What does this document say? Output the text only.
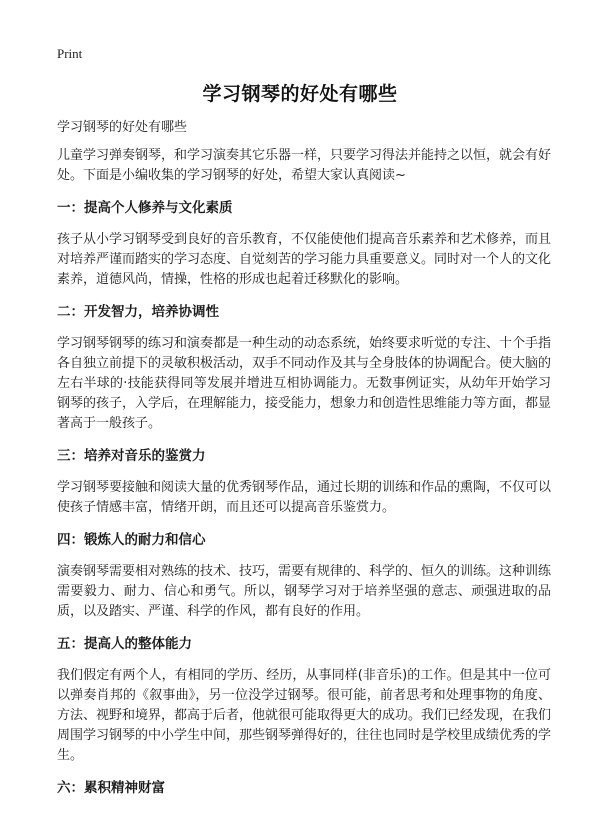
Print
学习钢琴的好处有哪些

学习钢琴的好处有哪些

儿童学习弹奏钢琴，和学习演奏其它乐器一样，只要学习得法并能持之以恒，就会有好处。下面是小编收集的学习钢琴的好处，希望大家认真阅读~

一：提高个人修养与文化素质

孩子从小学习钢琴受到良好的音乐教育，不仅能使他们提高音乐素养和艺术修养，而且对培养严谨而踏实的学习态度、自觉刻苦的学习能力具重要意义。同时对一个人的文化素养，道德风尚，情操，性格的形成也起着迁移默化的影响。

二：开发智力，培养协调性

学习钢琴钢琴的练习和演奏都是一种生动的动态系统，始终要求听觉的专注、十个手指各自独立前提下的灵敏积极活动，双手不同动作及其与全身肢体的协调配合。使大脑的左右半球的·技能获得同等发展并增进互相协调能力。无数事例证实，从幼年开始学习钢琴的孩子，入学后，在理解能力，接受能力，想象力和创造性思维能力等方面，都显著高于一般孩子。

三：培养对音乐的鉴赏力

学习钢琴要接触和阅读大量的优秀钢琴作品，通过长期的训练和作品的熏陶，不仅可以使孩子情感丰富，情绪开朗，而且还可以提高音乐鉴赏力。

四：锻炼人的耐力和信心

演奏钢琴需要相对熟练的技术、技巧，需要有规律的、科学的、恒久的训练。这种训练需要毅力、耐力、信心和勇气。所以，钢琴学习对于培养坚强的意志、顽强进取的品质，以及踏实、严谨、科学的作风，都有良好的作用。

五：提高人的整体能力

我们假定有两个人，有相同的学历、经历，从事同样(非音乐)的工作。但是其中一位可以弹奏肖邦的《叙事曲》，另一位没学过钢琴。很可能，前者思考和处理事物的角度、方法、视野和境界，都高于后者，他就很可能取得更大的成功。我们已经发现，在我们周围学习钢琴的中小学生中间，那些钢琴弹得好的，往往也同时是学校里成绩优秀的学生。

六：累积精神财富
